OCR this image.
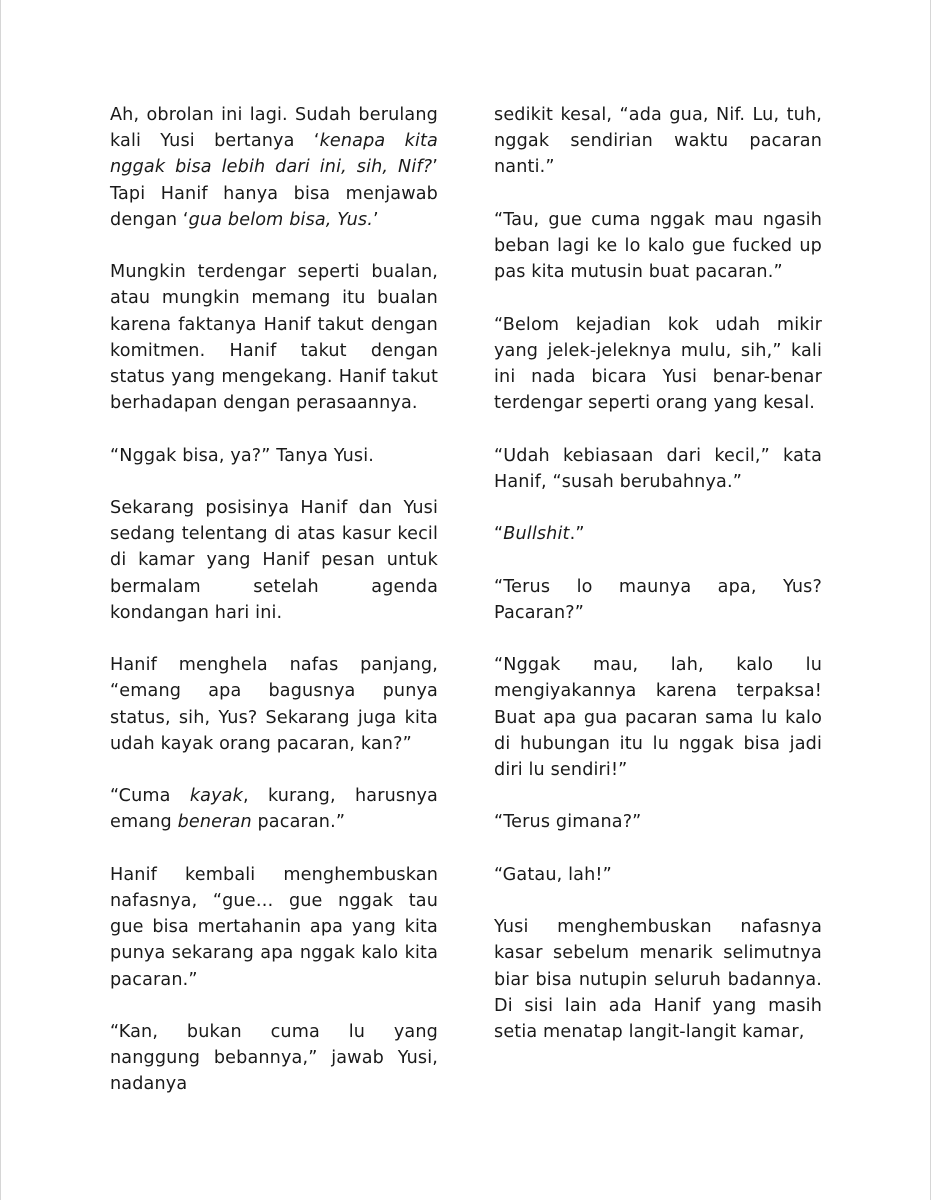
Ah, obrolan ini lagi. Sudah berulang kali Yusi bertanya ‘kenapa kita nggak bisa lebih dari ini, sih, Nif?’ Tapi Hanif hanya bisa menjawab dengan ‘gua belom bisa, Yus.’

Mungkin terdengar seperti bualan, atau mungkin memang itu bualan karena faktanya Hanif takut dengan komitmen. Hanif takut dengan status yang mengekang. Hanif takut berhadapan dengan perasaannya.

“Nggak bisa, ya?” Tanya Yusi.

Sekarang posisinya Hanif dan Yusi sedang telentang di atas kasur kecil di kamar yang Hanif pesan untuk bermalam setelah agenda kondangan hari ini.

Hanif menghela nafas panjang, “emang apa bagusnya punya status, sih, Yus? Sekarang juga kita udah kayak orang pacaran, kan?”

“Cuma kayak, kurang, harusnya emang beneran pacaran.”

Hanif kembali menghembuskan nafasnya, “gue… gue nggak tau gue bisa mertahanin apa yang kita punya sekarang apa nggak kalo kita pacaran.”

“Kan, bukan cuma lu yang nanggung bebannya,” jawab Yusi, nadanya

sedikit kesal, “ada gua, Nif. Lu, tuh, nggak sendirian waktu pacaran nanti.”

“Tau, gue cuma nggak mau ngasih beban lagi ke lo kalo gue fucked up pas kita mutusin buat pacaran.”

“Belom kejadian kok udah mikir yang jelek-jeleknya mulu, sih,” kali ini nada bicara Yusi benar-benar terdengar seperti orang yang kesal.

“Udah kebiasaan dari kecil,” kata Hanif, “susah berubahnya.”

“Bullshit.”

“Terus lo maunya apa, Yus? Pacaran?”

“Nggak mau, lah, kalo lu mengiyakannya karena terpaksa! Buat apa gua pacaran sama lu kalo di hubungan itu lu nggak bisa jadi diri lu sendiri!”

“Terus gimana?”

“Gatau, lah!”

Yusi menghembuskan nafasnya kasar sebelum menarik selimutnya biar bisa nutupin seluruh badannya. Di sisi lain ada Hanif yang masih setia menatap langit-langit kamar,
